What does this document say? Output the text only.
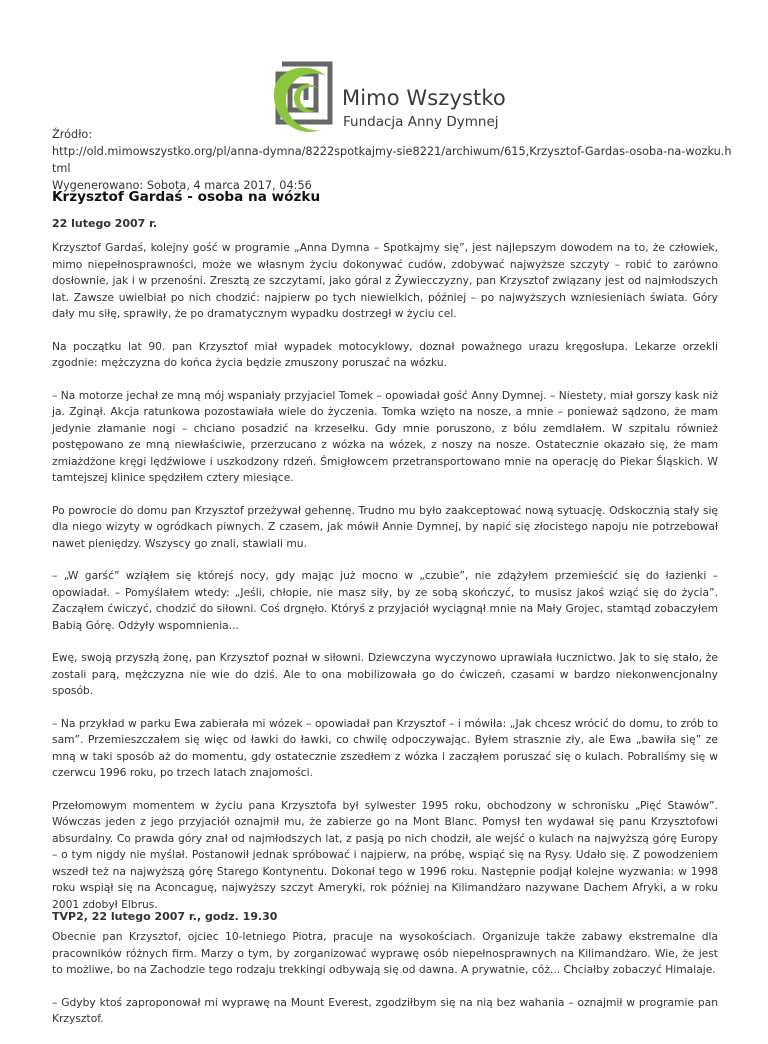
Mimo Wszystko
Fundacja Anny Dymnej
Źródło:
http://old.mimowszystko.org/pl/anna-dymna/8222spotkajmy-sie8221/archiwum/615,Krzysztof-Gardas-osoba-na-wozku.h
tml
Wygenerowano: Sobota, 4 marca 2017, 04:56
Krzysztof Gardaś - osoba na wózku
22 lutego 2007 r.

Krzysztof Gardaś, kolejny gość w programie „Anna Dymna – Spotkajmy się”, jest najlepszym dowodem na to, że człowiek, mimo niepełnosprawności, może we własnym życiu dokonywać cudów, zdobywać najwyższe szczyty – robić to zarówno dosłownie, jak i w przenośni. Zresztą ze szczytami, jako góral z Żywiecczyzny, pan Krzysztof związany jest od najmłodszych lat. Zawsze uwielbiał po nich chodzić: najpierw po tych niewielkich, później – po najwyższych wzniesieniach świata. Góry dały mu siłę, sprawiły, że po dramatycznym wypadku dostrzegł w życiu cel.

Na początku lat 90. pan Krzysztof miał wypadek motocyklowy, doznał poważnego urazu kręgosłupa. Lekarze orzekli zgodnie: mężczyzna do końca życia będzie zmuszony poruszać na wózku.

– Na motorze jechał ze mną mój wspaniały przyjaciel Tomek – opowiadał gość Anny Dymnej. – Niestety, miał gorszy kask niż ja. Zginął. Akcja ratunkowa pozostawiała wiele do życzenia. Tomka wzięto na nosze, a mnie – ponieważ sądzono, że mam jedynie złamanie nogi – chciano posadzić na krzesełku. Gdy mnie poruszono, z bólu zemdlałem. W szpitalu również postępowano ze mną niewłaściwie, przerzucano z wózka na wózek, z noszy na nosze. Ostatecznie okazało się, że mam zmiażdżone kręgi lędźwiowe i uszkodzony rdzeń. Śmigłowcem przetransportowano mnie na operację do Piekar Śląskich. W tamtejszej klinice spędziłem cztery miesiące.

Po powrocie do domu pan Krzysztof przeżywał gehennę. Trudno mu było zaakceptować nową sytuację. Odskocznią stały się dla niego wizyty w ogródkach piwnych. Z czasem, jak mówił Annie Dymnej, by napić się złocistego napoju nie potrzebował nawet pieniędzy. Wszyscy go znali, stawiali mu.

– „W garść” wziąłem się którejś nocy, gdy mając już mocno w „czubie”, nie zdążyłem przemieścić się do łazienki – opowiadał. – Pomyślałem wtedy: „Jeśli, chłopie, nie masz siły, by ze sobą skończyć, to musisz jakoś wziąć się do życia”. Zacząłem ćwiczyć, chodzić do siłowni. Coś drgnęło. Któryś z przyjaciół wyciągnął mnie na Mały Grojec, stamtąd zobaczyłem Babią Górę. Odżyły wspomnienia...

Ewę, swoją przyszłą żonę, pan Krzysztof poznał w siłowni. Dziewczyna wyczynowo uprawiała łucznictwo. Jak to się stało, że zostali parą, mężczyzna nie wie do dziś. Ale to ona mobilizowała go do ćwiczeń, czasami w bardzo niekonwencjonalny sposób.

– Na przykład w parku Ewa zabierała mi wózek – opowiadał pan Krzysztof – i mówiła: „Jak chcesz wrócić do domu, to zrób to sam”. Przemieszczałem się więc od ławki do ławki, co chwilę odpoczywając. Byłem strasznie zły, ale Ewa „bawiła się” ze mną w taki sposób aż do momentu, gdy ostatecznie zszedłem z wózka i zacząłem poruszać się o kulach. Pobraliśmy się w czerwcu 1996 roku, po trzech latach znajomości.

Przełomowym momentem w życiu pana Krzysztofa był sylwester 1995 roku, obchodzony w schronisku „Pięć Stawów”. Wówczas jeden z jego przyjaciół oznajmił mu, że zabierze go na Mont Blanc. Pomysł ten wydawał się panu Krzysztofowi absurdalny. Co prawda góry znał od najmłodszych lat, z pasją po nich chodził, ale wejść o kulach na najwyższą górę Europy – o tym nigdy nie myślał. Postanowił jednak spróbować i najpierw, na próbę, wspiąć się na Rysy. Udało się. Z powodzeniem wszedł też na najwyższą górę Starego Kontynentu. Dokonał tego w 1996 roku. Następnie podjął kolejne wyzwania: w 1998 roku wspiął się na Aconcaguę, najwyższy szczyt Ameryki, rok później na Kilimandżaro nazywane Dachem Afryki, a w roku 2001 zdobył Elbrus.

Obecnie pan Krzysztof, ojciec 10-letniego Piotra, pracuje na wysokościach. Organizuje także zabawy ekstremalne dla pracowników różnych firm. Marzy o tym, by zorganizować wyprawę osób niepełnosprawnych na Kilimandżaro. Wie, że jest to możliwe, bo na Zachodzie tego rodzaju trekkingi odbywają się od dawna. A prywatnie, cóż... Chciałby zobaczyć Himalaje.

– Gdyby ktoś zaproponował mi wyprawę na Mount Everest, zgodziłbym się na nią bez wahania – oznajmił w programie pan Krzysztof.

TVP2, 22 lutego 2007 r., godz. 19.30
